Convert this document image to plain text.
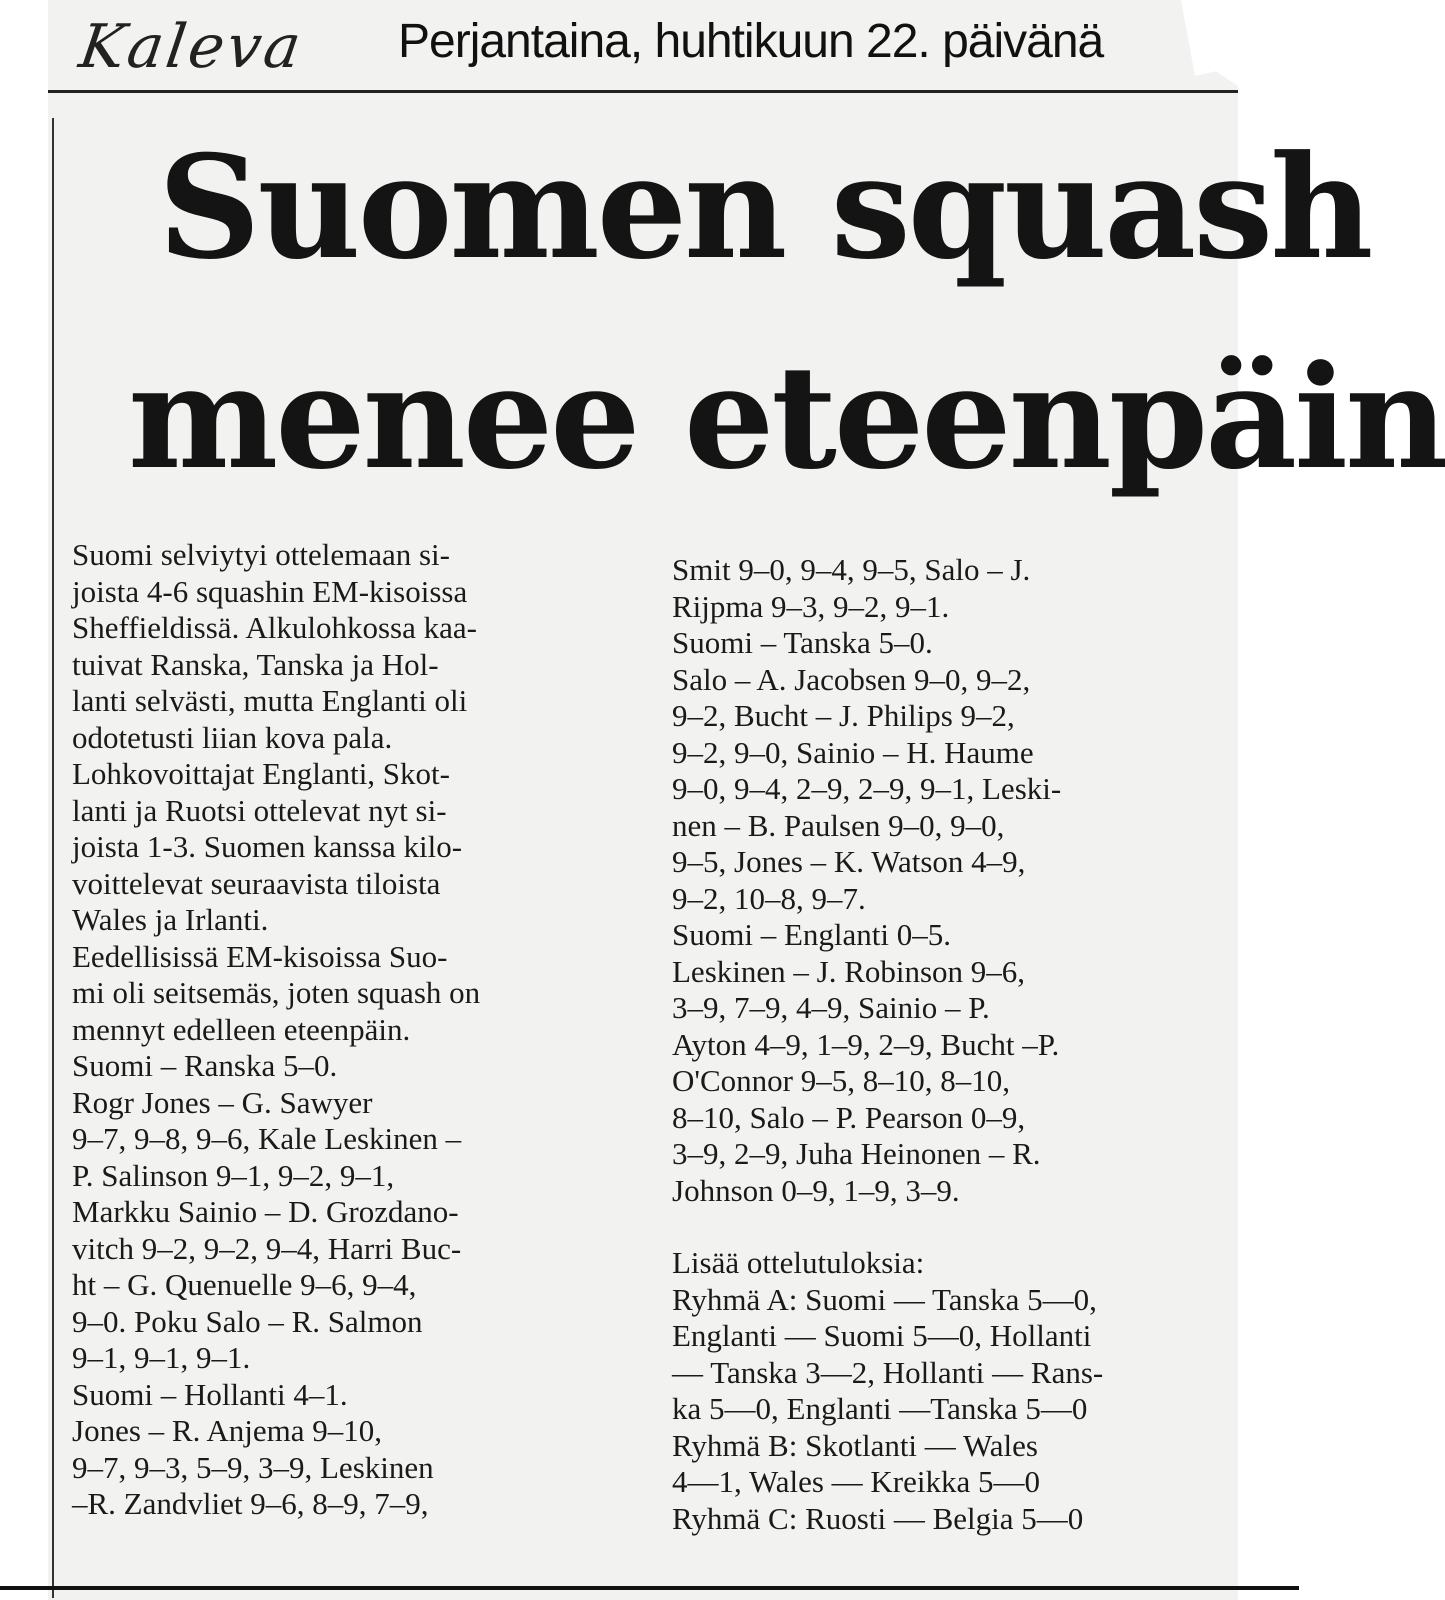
Kaleva Perjantaina, huhtikuun 22. päivänä
Suomen squash
menee eteenpäin

Suomi selviytyi ottelemaan si-

joista 4-6 squashin EM-kisoissa

Sheffieldissä. Alkulohkossa kaa-

tuivat Ranska, Tanska ja Hol-

lanti selvästi, mutta Englanti oli

odotetusti liian kova pala.

Lohkovoittajat Englanti, Skot-

lanti ja Ruotsi ottelevat nyt si-

joista 1-3. Suomen kanssa kilo-

voittelevat seuraavista tiloista

Wales ja Irlanti.

Eedellisissä EM-kisoissa Suo-

mi oli seitsemäs, joten squash on

mennyt edelleen eteenpäin.

Suomi – Ranska 5–0.

Rogr Jones – G. Sawyer

9–7, 9–8, 9–6, Kale Leskinen –

P. Salinson 9–1, 9–2, 9–1,

Markku Sainio – D. Grozdano-

vitch 9–2, 9–2, 9–4, Harri Buc-

ht – G. Quenuelle 9–6, 9–4,

9–0. Poku Salo – R. Salmon

9–1, 9–1, 9–1.

Suomi – Hollanti 4–1.

Jones – R. Anjema 9–10,

9–7, 9–3, 5–9, 3–9, Leskinen

–R. Zandvliet 9–6, 8–9, 7–9,

Smit 9–0, 9–4, 9–5, Salo – J.

Rijpma 9–3, 9–2, 9–1.

Suomi – Tanska 5–0.

Salo – A. Jacobsen 9–0, 9–2,

9–2, Bucht – J. Philips 9–2,

9–2, 9–0, Sainio – H. Haume

9–0, 9–4, 2–9, 2–9, 9–1, Leski-

nen – B. Paulsen 9–0, 9–0,

9–5, Jones – K. Watson 4–9,

9–2, 10–8, 9–7.

Suomi – Englanti 0–5.

Leskinen – J. Robinson 9–6,

3–9, 7–9, 4–9, Sainio – P.

Ayton 4–9, 1–9, 2–9, Bucht –P.

O'Connor 9–5, 8–10, 8–10,

8–10, Salo – P. Pearson 0–9,

3–9, 2–9, Juha Heinonen – R.

Johnson 0–9, 1–9, 3–9.

Lisää ottelutuloksia:

Ryhmä A: Suomi — Tanska 5—0,

Englanti — Suomi 5—0, Hollanti

— Tanska 3—2, Hollanti — Rans-

ka 5—0, Englanti —Tanska 5—0

Ryhmä B: Skotlanti — Wales

4—1, Wales — Kreikka 5—0

Ryhmä C: Ruosti — Belgia 5—0
